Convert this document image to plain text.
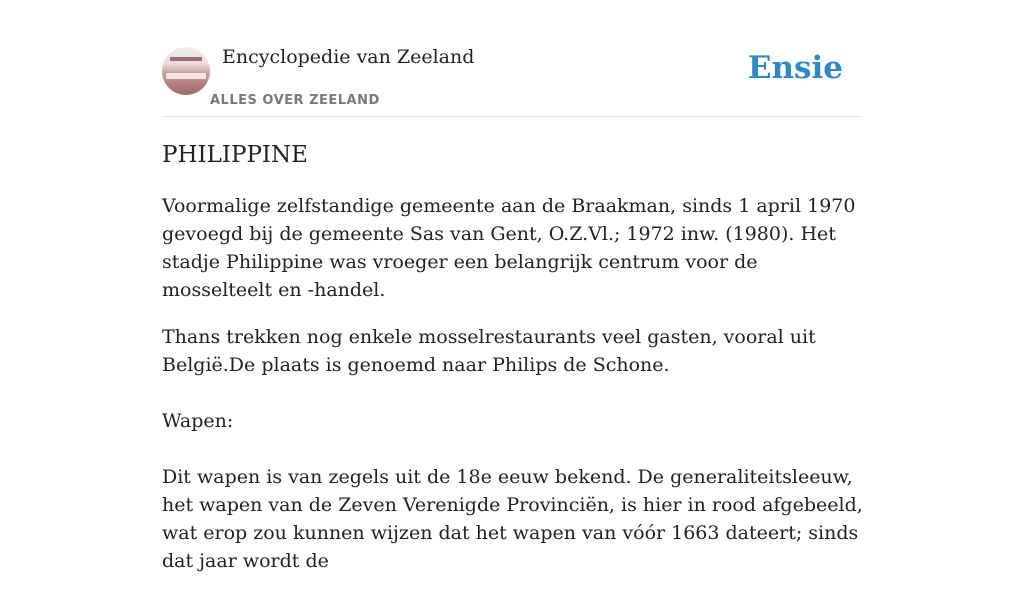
Encyclopedie van Zeeland
ALLES OVER ZEELAND
Ensie
PHILIPPINE

Voormalige zelfstandige gemeente aan de Braakman, sinds 1 april 1970 gevoegd bij de gemeente Sas van Gent, O.Z.Vl.; 1972 inw. (1980). Het stadje Philippine was vroeger een belangrijk centrum voor de mosselteelt en -handel.

Thans trekken nog enkele mosselrestaurants veel gasten, vooral uit België.De plaats is genoemd naar Philips de Schone.

Wapen:

Dit wapen is van zegels uit de 18e eeuw bekend. De generaliteitsleeuw, het wapen van de Zeven Verenigde Provinciën, is hier in rood afgebeeld, wat erop zou kunnen wijzen dat het wapen van vóór 1663 dateert; sinds dat jaar wordt de
